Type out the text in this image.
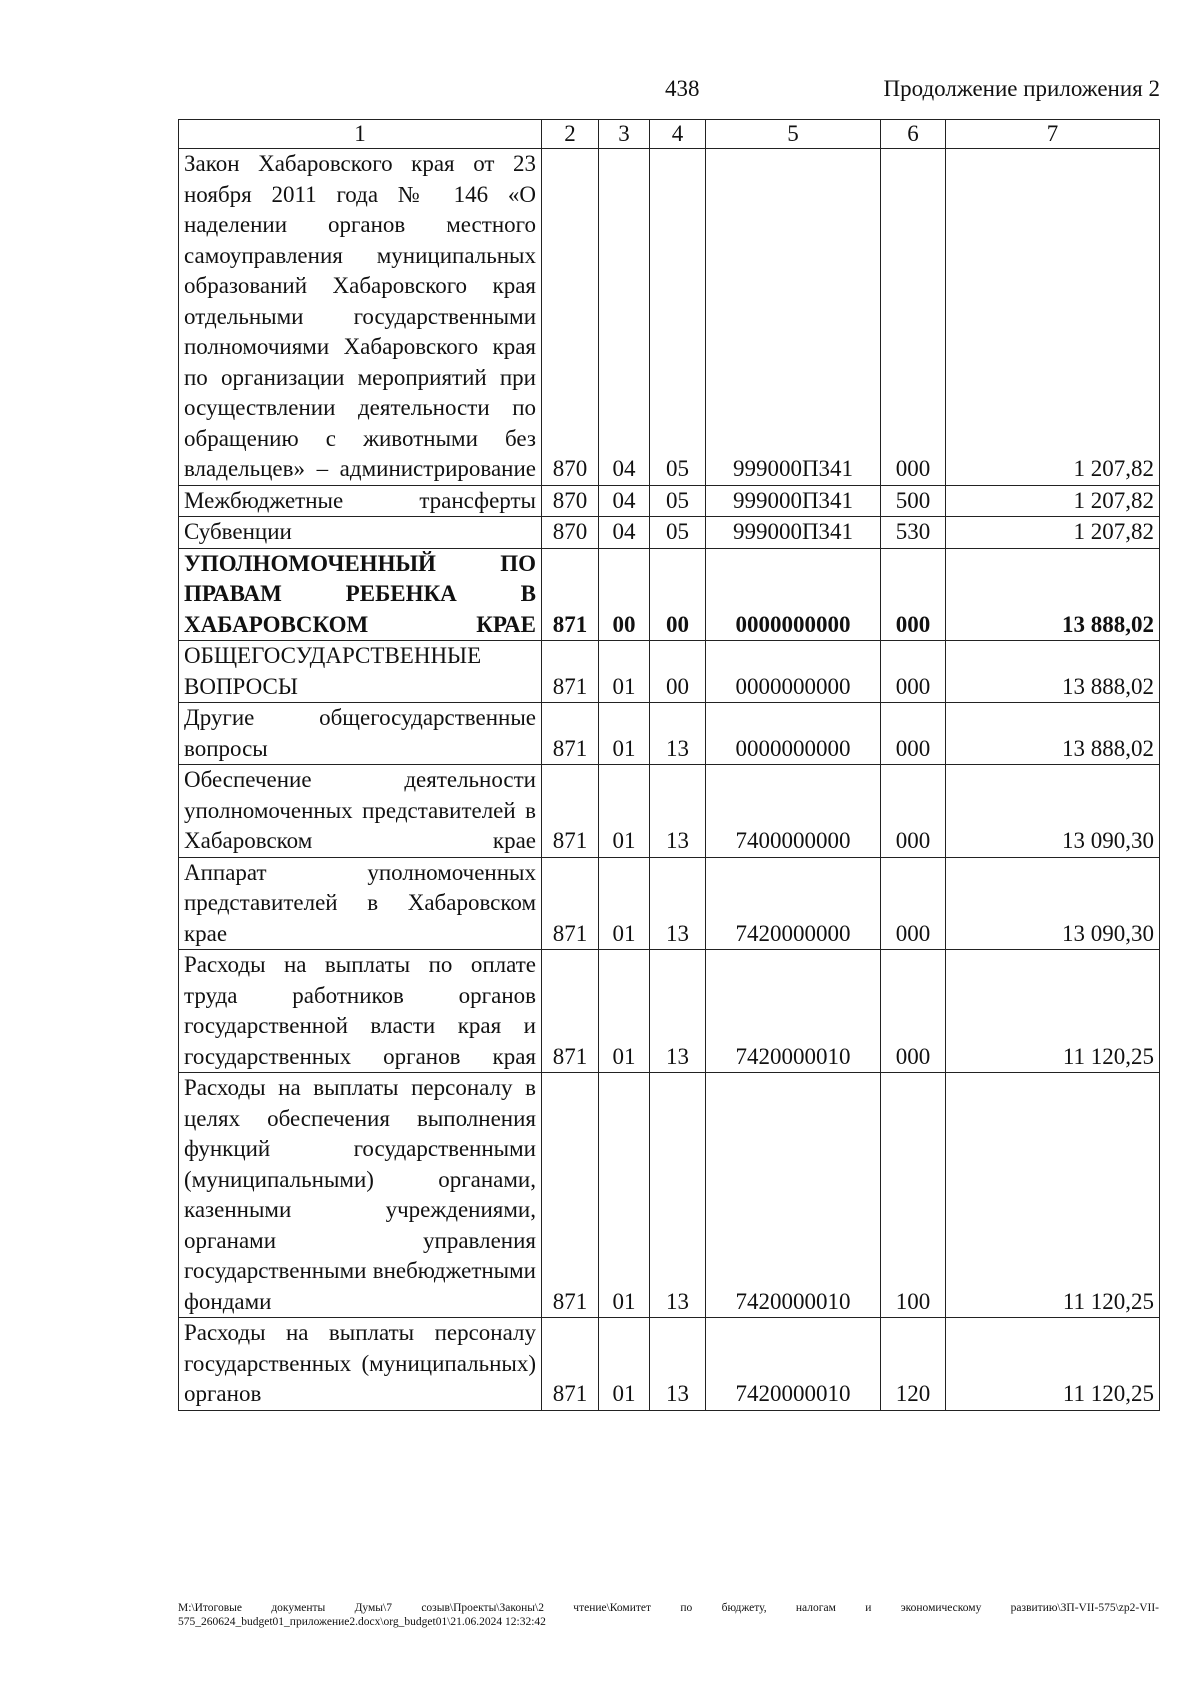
438	Продолжение приложения 2
1	2	3	4	5	6	7
Закон Хабаровского края от 23 ноября 2011 года № 146 «О наделении органов местного самоуправления муниципальных образований Хабаровского края отдельными государственными полномочиями Хабаровского края по организации мероприятий при осуществлении деятельности по обращению с животными без владельцев» – администрирование	870	04	05	999000П341	000	1 207,82
Межбюджетные трансферты	870	04	05	999000П341	500	1 207,82
Субвенции	870	04	05	999000П341	530	1 207,82
УПОЛНОМОЧЕННЫЙ ПО ПРАВАМ РЕБЕНКА В ХАБАРОВСКОМ КРАЕ	871	00	00	0000000000	000	13 888,02
ОБЩЕГОСУДАРСТВЕННЫЕ ВОПРОСЫ	871	01	00	0000000000	000	13 888,02
Другие общегосударственные вопросы	871	01	13	0000000000	000	13 888,02
Обеспечение деятельности уполномоченных представителей в Хабаровском крае	871	01	13	7400000000	000	13 090,30
Аппарат уполномоченных представителей в Хабаровском крае	871	01	13	7420000000	000	13 090,30
Расходы на выплаты по оплате труда работников органов государственной власти края и государственных органов края	871	01	13	7420000010	000	11 120,25
Расходы на выплаты персоналу в целях обеспечения выполнения функций государственными (муниципальными) органами, казенными учреждениями, органами управления государственными внебюджетными фондами	871	01	13	7420000010	100	11 120,25
Расходы на выплаты персоналу государственных (муниципальных) органов	871	01	13	7420000010	120	11 120,25
M:\Итоговые документы Думы\7 созыв\Проекты\Законы\2 чтение\Комитет по бюджету, налогам и экономическому развитию\ЗП-VII-575\zp2-VII-
575_260624_budget01_приложение2.docx\org_budget01\21.06.2024 12:32:42
